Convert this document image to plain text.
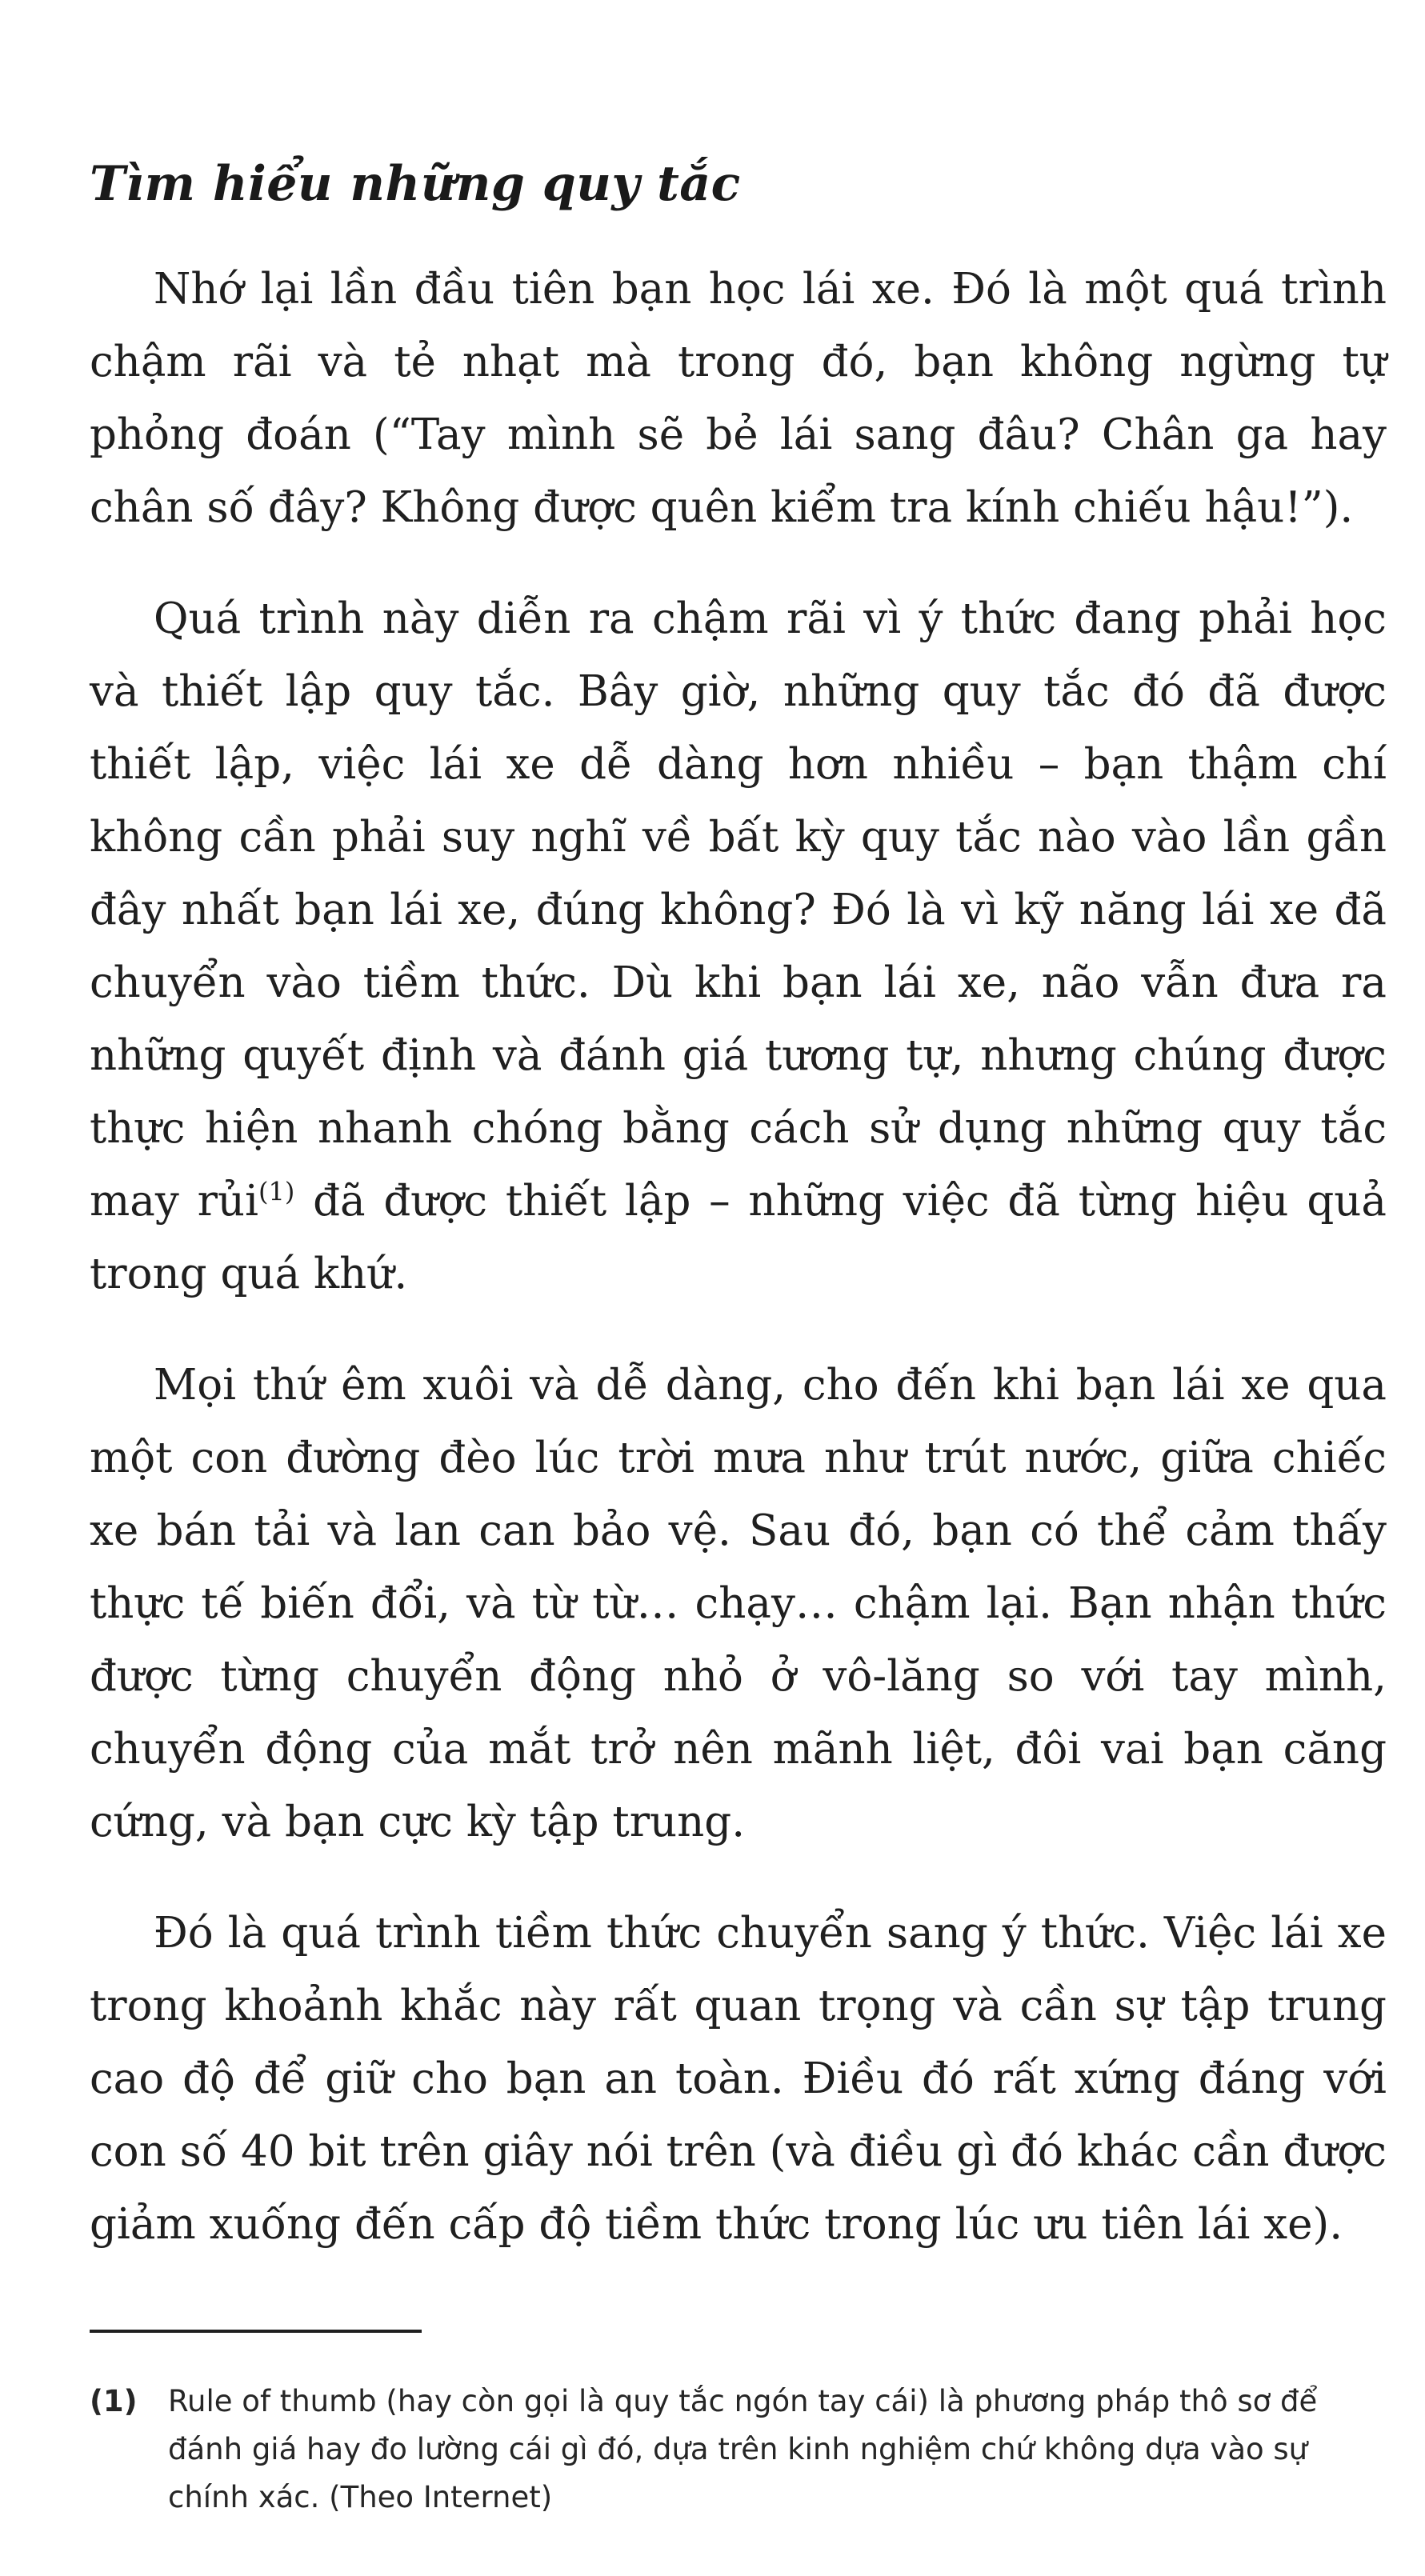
Tìm hiểu những quy tắc

Nhớ lại lần đầu tiên bạn học lái xe. Đó là một quá trình chậm rãi và tẻ nhạt mà trong đó, bạn không ngừng tự phỏng đoán (“Tay mình sẽ bẻ lái sang đâu? Chân ga hay chân số đây? Không được quên kiểm tra kính chiếu hậu!”).

Quá trình này diễn ra chậm rãi vì ý thức đang phải học và thiết lập quy tắc. Bây giờ, những quy tắc đó đã được thiết lập, việc lái xe dễ dàng hơn nhiều – bạn thậm chí không cần phải suy nghĩ về bất kỳ quy tắc nào vào lần gần đây nhất bạn lái xe, đúng không? Đó là vì kỹ năng lái xe đã chuyển vào tiềm thức. Dù khi bạn lái xe, não vẫn đưa ra những quyết định và đánh giá tương tự, nhưng chúng được thực hiện nhanh chóng bằng cách sử dụng những quy tắc may rủi$^{(1)}$ đã được thiết lập – những việc đã từng hiệu quả trong quá khứ.

Mọi thứ êm xuôi và dễ dàng, cho đến khi bạn lái xe qua một con đường đèo lúc trời mưa như trút nước, giữa chiếc xe bán tải và lan can bảo vệ. Sau đó, bạn có thể cảm thấy thực tế biến đổi, và từ từ… chạy… chậm lại. Bạn nhận thức được từng chuyển động nhỏ ở vô-lăng so với tay mình, chuyển động của mắt trở nên mãnh liệt, đôi vai bạn căng cứng, và bạn cực kỳ tập trung.

Đó là quá trình tiềm thức chuyển sang ý thức. Việc lái xe trong khoảnh khắc này rất quan trọng và cần sự tập trung cao độ để giữ cho bạn an toàn. Điều đó rất xứng đáng với con số 40 bit trên giây nói trên (và điều gì đó khác cần được giảm xuống đến cấp độ tiềm thức trong lúc ưu tiên lái xe).

(1)	Rule of thumb (hay còn gọi là quy tắc ngón tay cái) là phương pháp thô sơ để đánh giá hay đo lường cái gì đó, dựa trên kinh nghiệm chứ không dựa vào sự chính xác. (Theo Internet)
